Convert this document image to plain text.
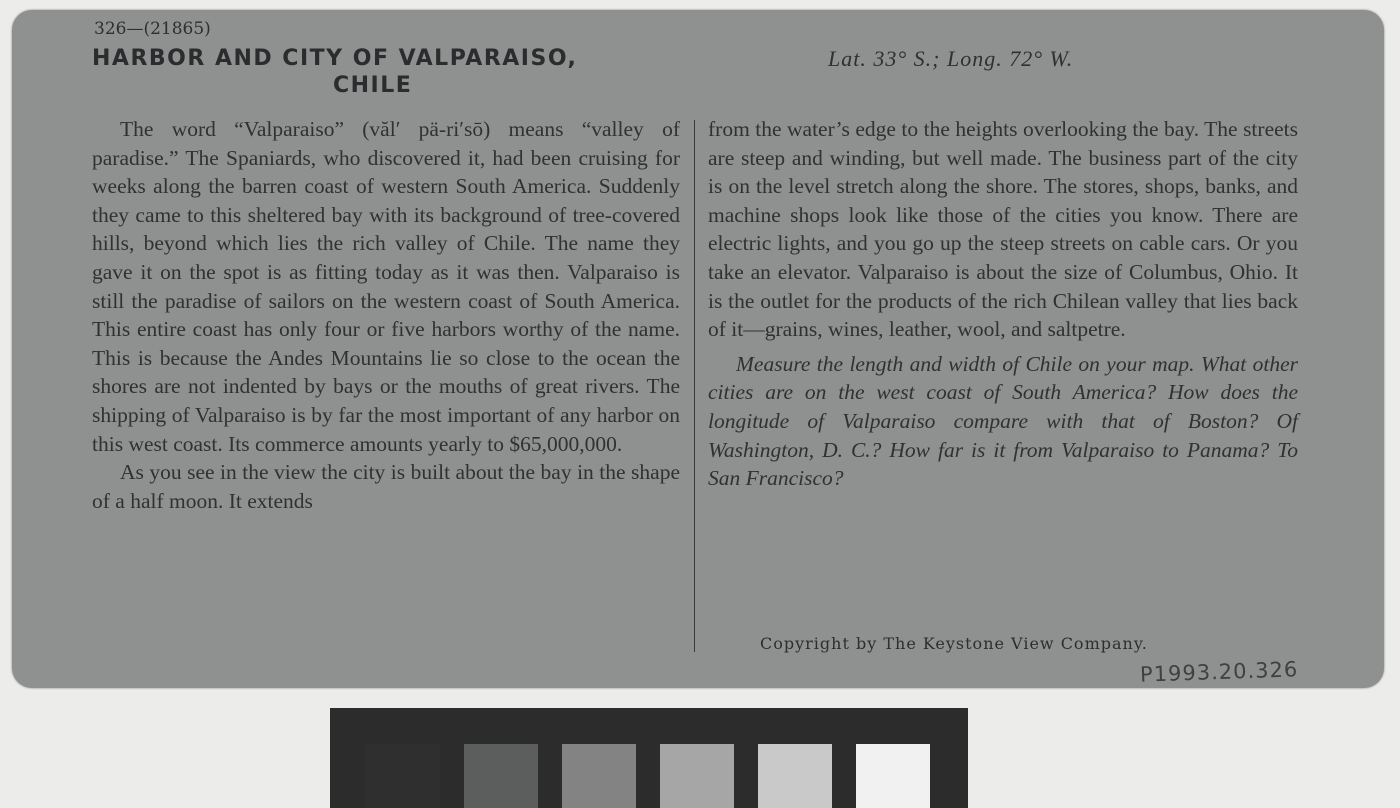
326—(21865)
HARBOR AND CITY OF VALPARAISO,
CHILE
Lat. 33° S.; Long. 72° W.

The word “Valparaiso” (văl′ pä-ri′sō) means “valley of paradise.” The Spaniards, who discovered it, had been cruising for weeks along the barren coast of western South America. Suddenly they came to this sheltered bay with its background of tree-covered hills, beyond which lies the rich valley of Chile. The name they gave it on the spot is as fitting today as it was then. Valparaiso is still the paradise of sailors on the western coast of South America. This entire coast has only four or five harbors worthy of the name. This is because the Andes Mountains lie so close to the ocean the shores are not indented by bays or the mouths of great rivers. The shipping of Valparaiso is by far the most important of any harbor on this west coast. Its commerce amounts yearly to $65,000,000.

As you see in the view the city is built about the bay in the shape of a half moon. It extends

from the water’s edge to the heights overlooking the bay. The streets are steep and winding, but well made. The business part of the city is on the level stretch along the shore. The stores, shops, banks, and machine shops look like those of the cities you know. There are electric lights, and you go up the steep streets on cable cars. Or you take an elevator. Valparaiso is about the size of Columbus, Ohio. It is the outlet for the products of the rich Chilean valley that lies back of it—grains, wines, leather, wool, and saltpetre.

Measure the length and width of Chile on your map. What other cities are on the west coast of South America? How does the longitude of Valparaiso compare with that of Boston? Of Washington, D. C.? How far is it from Valparaiso to Panama? To San Francisco?

Copyright by The Keystone View Company.
P1993.20.326
